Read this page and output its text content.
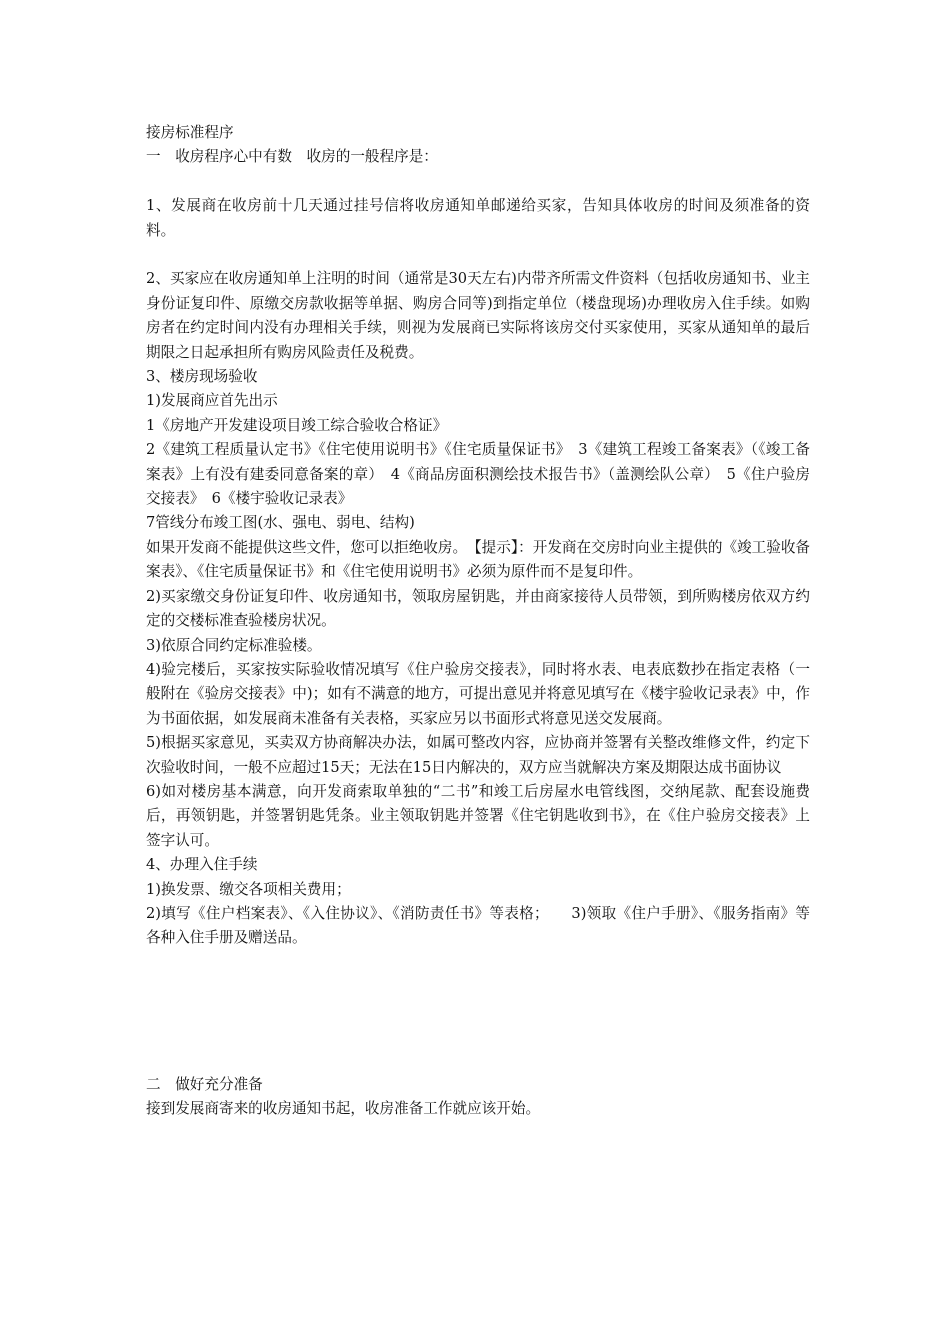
接房标准程序

一　收房程序心中有数　收房的一般程序是：

1、发展商在收房前十几天通过挂号信将收房通知单邮递给买家，告知具体收房的时间及须准备的资料。

2、买家应在收房通知单上注明的时间（通常是30天左右)内带齐所需文件资料（包括收房通知书、业主身份证复印件、原缴交房款收据等单据、购房合同等)到指定单位（楼盘现场)办理收房入住手续。如购房者在约定时间内没有办理相关手续，则视为发展商已实际将该房交付买家使用，买家从通知单的最后期限之日起承担所有购房风险责任及税费。

3、楼房现场验收

1)发展商应首先出示

1《房地产开发建设项目竣工综合验收合格证》

2《建筑工程质量认定书》《住宅使用说明书》《住宅质量保证书》　3《建筑工程竣工备案表》（《竣工备案表》上有没有建委同意备案的章）　4《商品房面积测绘技术报告书》（盖测绘队公章）　5《住户验房交接表》　6《楼宇验收记录表》

7管线分布竣工图(水、强电、弱电、结构)

如果开发商不能提供这些文件，您可以拒绝收房。　【提示】：开发商在交房时向业主提供的《竣工验收备案表》、《住宅质量保证书》和《住宅使用说明书》必须为原件而不是复印件。

2)买家缴交身份证复印件、收房通知书，领取房屋钥匙，并由商家接待人员带领，到所购楼房依双方约定的交楼标准查验楼房状况。

3)依原合同约定标准验楼。

4)验完楼后，买家按实际验收情况填写《住户验房交接表》，同时将水表、电表底数抄在指定表格（一般附在《验房交接表》中)；如有不满意的地方，可提出意见并将意见填写在《楼宇验收记录表》中，作为书面依据，如发展商未准备有关表格，买家应另以书面形式将意见送交发展商。

5)根据买家意见，买卖双方协商解决办法，如属可整改内容，应协商并签署有关整改维修文件，约定下次验收时间，一般不应超过15天；无法在15日内解决的，双方应当就解决方案及期限达成书面协议

6)如对楼房基本满意，向开发商索取单独的“二书”和竣工后房屋水电管线图，交纳尾款、配套设施费后，再领钥匙，并签署钥匙凭条。业主领取钥匙并签署《住宅钥匙收到书》，在《住户验房交接表》上签字认可。

4、办理入住手续

1)换发票、缴交各项相关费用；

2)填写《住户档案表》、《入住协议》、《消防责任书》等表格；　　3)领取《住户手册》、《服务指南》等各种入住手册及赠送品。

二　做好充分准备

接到发展商寄来的收房通知书起，收房准备工作就应该开始。
